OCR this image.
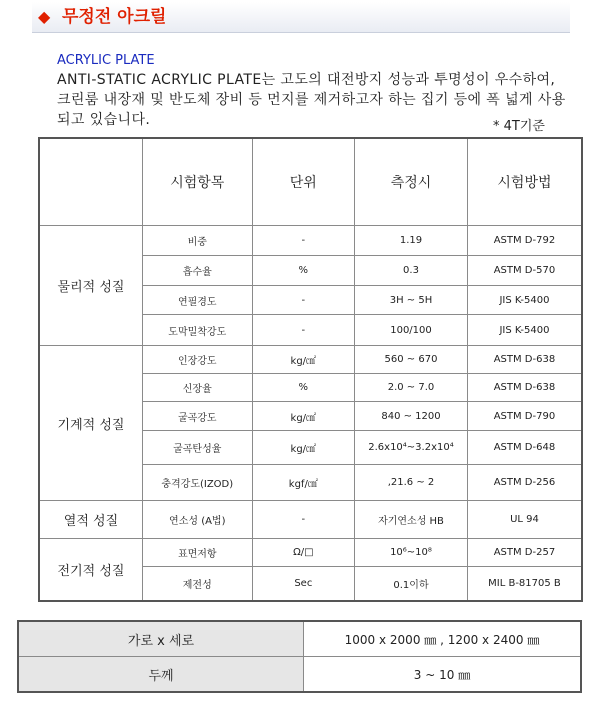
◆ 무정전 아크릴
ACRYLIC PLATE
ANTI-STATIC ACRYLIC PLATE는 고도의 대전방지 성능과 투명성이 우수하여, 크린룸 내장재 및 반도체 장비 등 먼지를 제거하고자 하는 집기 등에 폭 넓게 사용되고 있습니다.	* 4T기준
	시험항목	단위	측정시	시험방법
물리적 성질	비중	-	1.19	ASTM D-792
	흡수율	%	0.3	ASTM D-570
	연필경도	-	3H ~ 5H	JIS K-5400
	도막밀착강도	-	100/100	JIS K-5400
기계적 성질	인장강도	kg/㎠	560 ~ 670	ASTM D-638
	신장율	%	2.0 ~ 7.0	ASTM D-638
	굴곡강도	kg/㎠	840 ~ 1200	ASTM D-790
	굴곡탄성율	kg/㎠	2.6x10⁴~3.2x10⁴	ASTM D-648
	충격강도(IZOD)	kgf/㎠	,21.6 ~ 2	ASTM D-256
열적 성질	연소성 (A법)	-	자기연소성 HB	UL 94
전기적 성질	표면저항	Ω/□	10⁶~10⁸	ASTM D-257
	제전성	Sec	0.1이하	MIL B-81705 B
가로 x 세로	1000 x 2000 ㎜ , 1200 x 2400 ㎜
두께	3 ~ 10 ㎜
